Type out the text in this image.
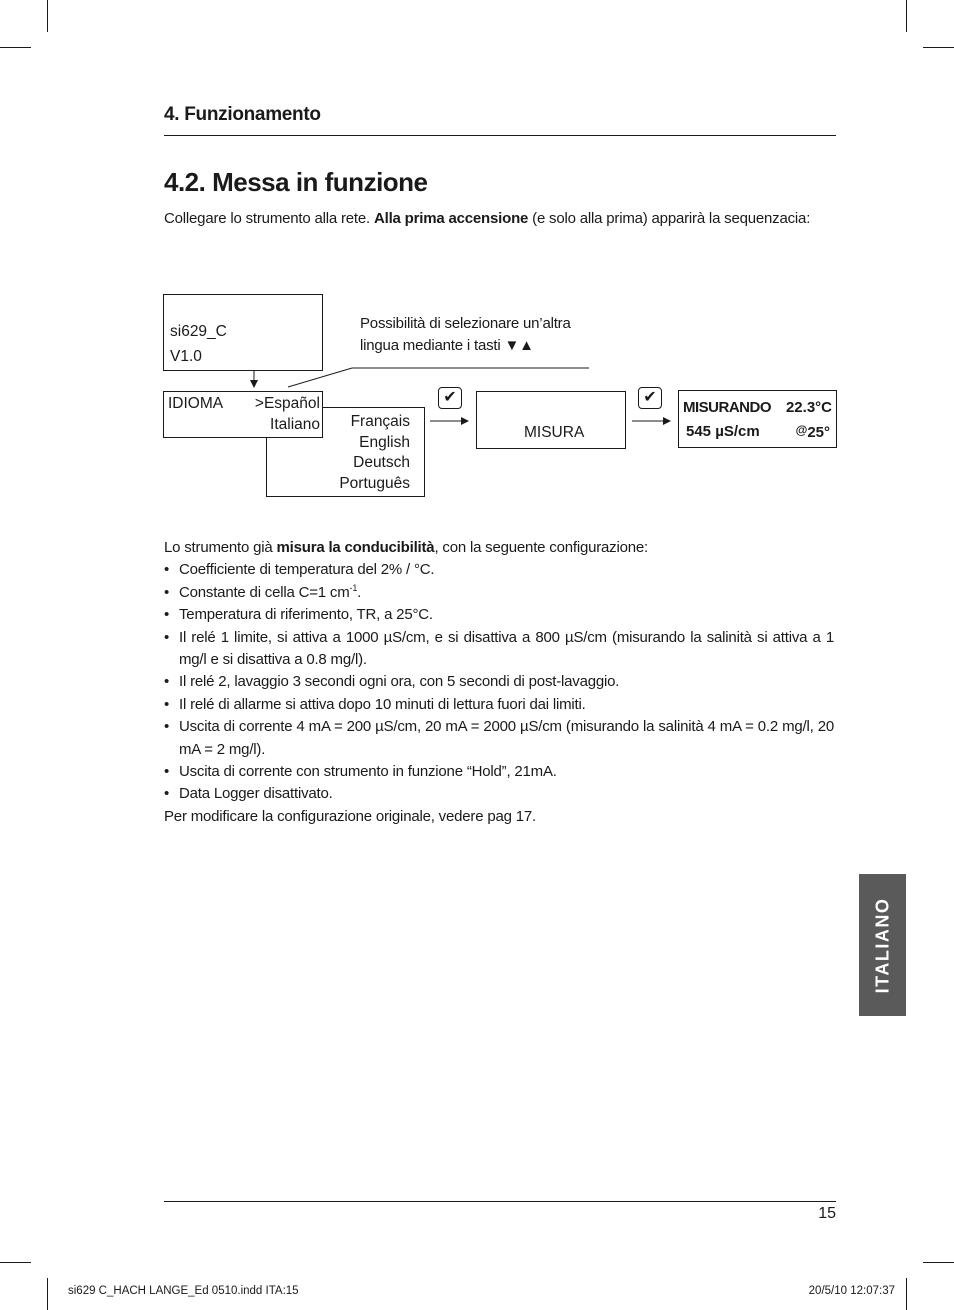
4. Funzionamento
4.2. Messa in funzione
Collegare lo strumento alla rete. Alla prima accensione (e solo alla prima) apparirà la sequenzacia:
si629_C
V1.0
Possibilità di selezionare un’altra
lingua mediante i tasti ▼▲
Français
English
Deutsch
Português
IDIOMA >Español
Italiano
✔	✔
MISURA
MISURANDO 22.3°C
545 µS/cm	@25°

Lo strumento già misura la conducibilità, con la seguente configurazione:

• Coefficiente di temperatura del 2% / °C.
• Constante di cella C=1 $cm^{-1}$.
• Temperatura di riferimento, TR, a 25°C.
• Il relé 1 limite, si attiva a 1000 µS/cm, e si disattiva a 800 µS/cm (misurando la salinità si attiva a 1 mg/l e si disattiva a 0.8 mg/l).
• Il relé 2, lavaggio 3 secondi ogni ora, con 5 secondi di post-lavaggio.
• Il relé di allarme si attiva dopo 10 minuti di lettura fuori dai limiti.
• Uscita di corrente 4 mA = 200 µS/cm, 20 mA = 2000 µS/cm (misurando la salinità 4 mA = 0.2 mg/l, 20 mA = 2 mg/l).
• Uscita di corrente con strumento in funzione “Hold”, 21mA.
• Data Logger disattivato.

Per modificare la configurazione originale, vedere pag 17.

ITALIANO
15
si629 C_HACH LANGE_Ed 0510.indd ITA:15	20/5/10 12:07:37
